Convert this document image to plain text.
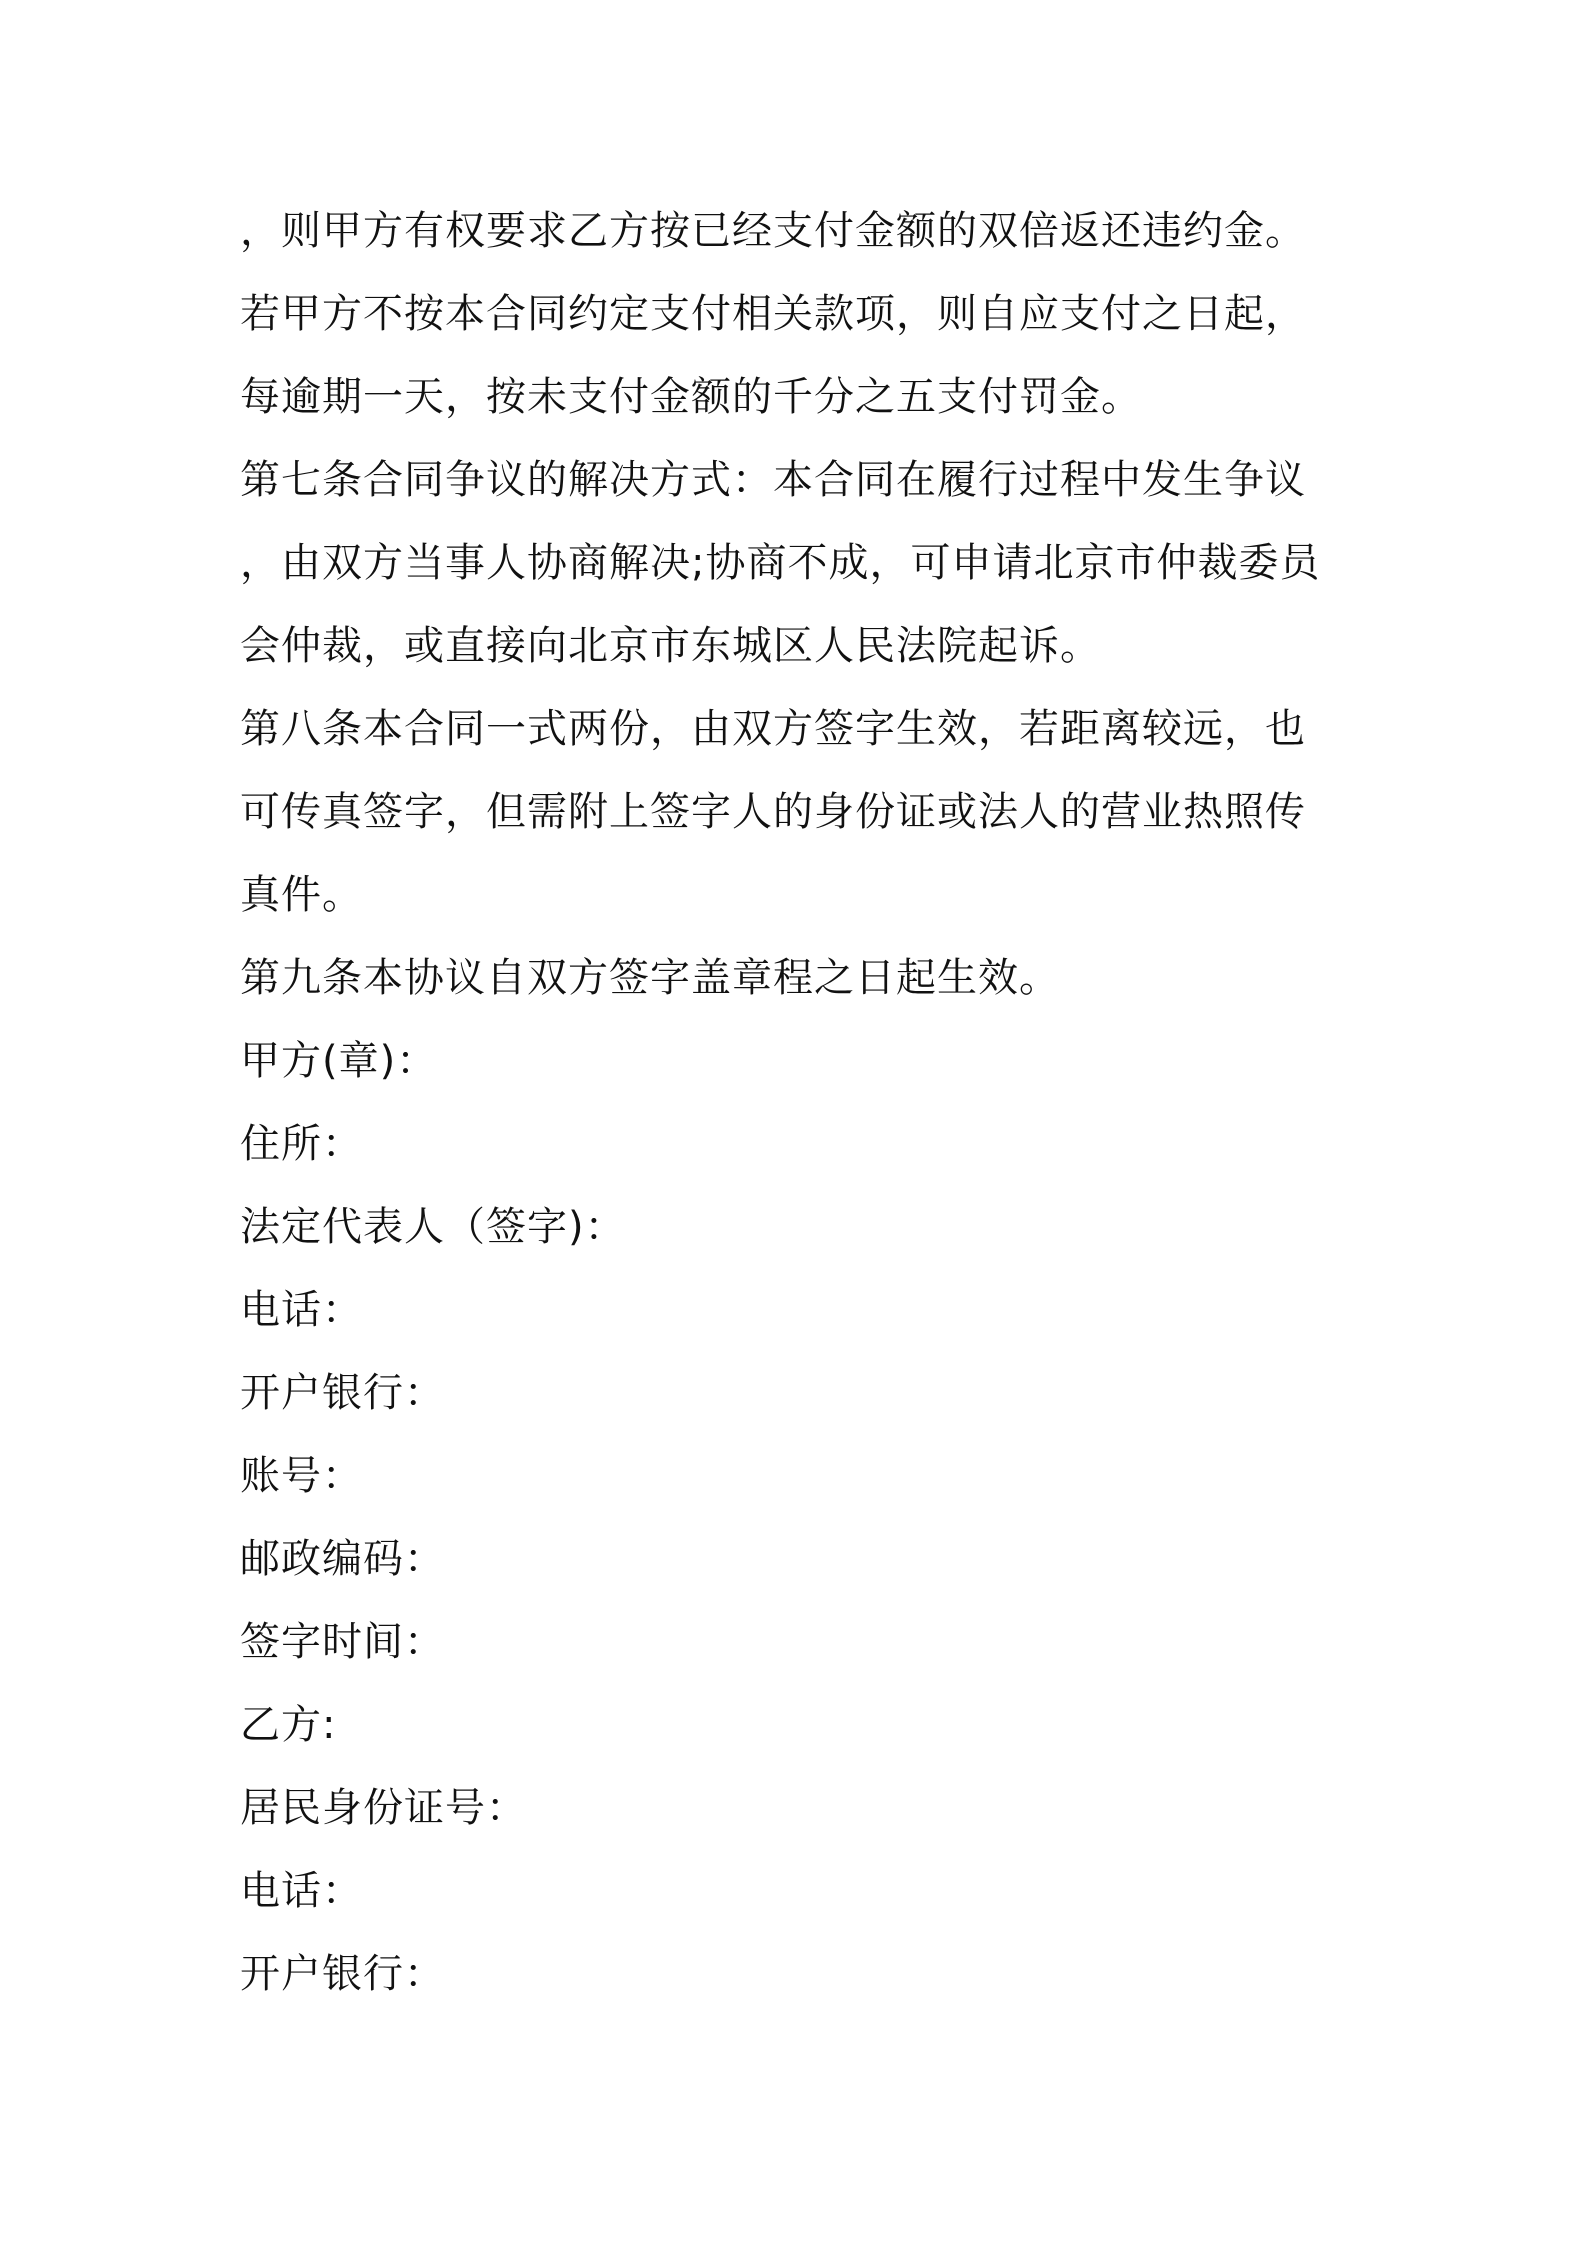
，则甲方有权要求乙方按已经支付金额的双倍返还违约金。
若甲方不按本合同约定支付相关款项，则自应支付之日起，
每逾期一天，按未支付金额的千分之五支付罚金。
第七条合同争议的解决方式：本合同在履行过程中发生争议
，由双方当事人协商解决;协商不成，可申请北京市仲裁委员
会仲裁，或直接向北京市东城区人民法院起诉。
第八条本合同一式两份，由双方签字生效，若距离较远，也
可传真签字，但需附上签字人的身份证或法人的营业热照传
真件。
第九条本协议自双方签字盖章程之日起生效。
甲方(章)：
住所：
法定代表人（签字)：
电话：
开户银行：
账号：
邮政编码：
签字时间：
乙方:
居民身份证号：
电话：
开户银行：
